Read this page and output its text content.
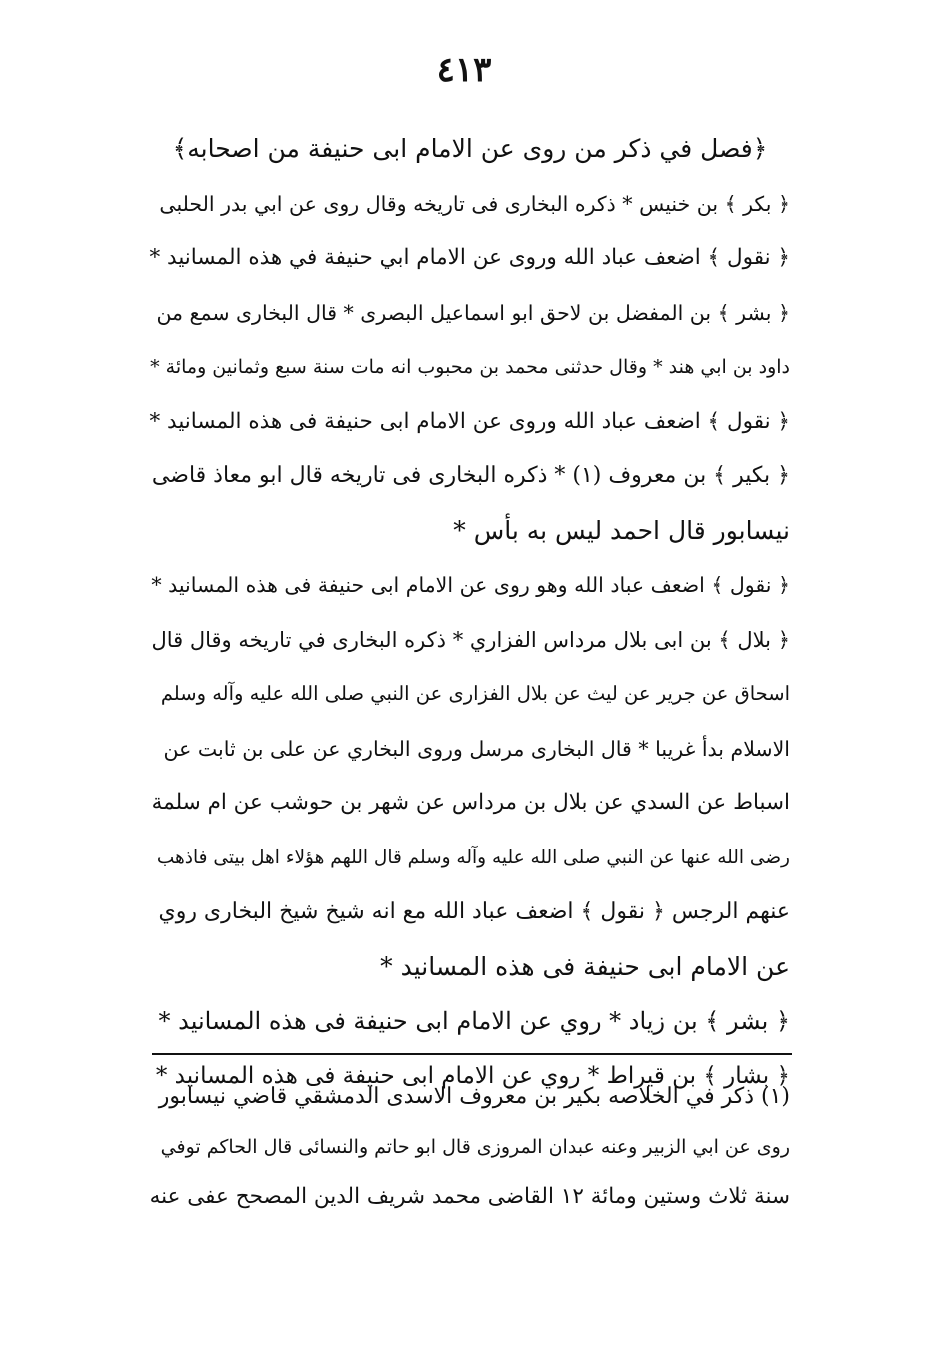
٤١٣
﴿فصل في ذكر من روى عن الامام ابى حنيفة من اصحابه﴾
﴿ بكر ﴾ بن خنيس * ذكره البخارى فى تاريخه وقال روى عن ابي بدر الحلبى
﴿ نقول ﴾ اضعف عباد الله وروى عن الامام ابي حنيفة في هذه المسانيد *
﴿ بشر ﴾ بن المفضل بن لاحق ابو اسماعيل البصرى * قال البخارى سمع من
داود بن ابي هند * وقال حدثنى محمد بن محبوب انه مات سنة سبع وثمانين ومائة *
﴿ نقول ﴾ اضعف عباد الله وروى عن الامام ابى حنيفة فى هذه المسانيد *
﴿ بكير ﴾ بن معروف (١) * ذكره البخارى فى تاريخه قال ابو معاذ قاضى
نيسابور قال احمد ليس به بأس *
﴿ نقول ﴾ اضعف عباد الله وهو روى عن الامام ابى حنيفة فى هذه المسانيد *
﴿ بلال ﴾ بن ابى بلال مرداس الفزاري * ذكره البخارى في تاريخه وقال قال
اسحاق عن جرير عن ليث عن بلال الفزارى عن النبي صلى الله عليه وآله وسلم
الاسلام بدأ غريبا * قال البخارى مرسل وروى البخاري عن على بن ثابت عن
اسباط عن السدي عن بلال بن مرداس عن شهر بن حوشب عن ام سلمة
رضى الله عنها عن النبي صلى الله عليه وآله وسلم قال اللهم هؤلاء اهل بيتى فاذهب
عنهم الرجس ﴿ نقول ﴾ اضعف عباد الله مع انه شيخ شيخ البخارى روي
عن الامام ابى حنيفة فى هذه المسانيد *
﴿ بشر ﴾ بن زياد * روي عن الامام ابى حنيفة فى هذه المسانيد *
﴿ بشار ﴾ بن قيراط * روي عن الامام ابى حنيفة فى هذه المسانيد *
(١) ذكر في الخلاصه بكير بن معروف الاسدى الدمشقي قاضي نيسابور
روى عن ابي الزبير وعنه عبدان المروزى قال ابو حاتم والنسائى قال الحاكم توفي
سنة ثلاث وستين ومائة ١٢ القاضى محمد شريف الدين المصحح عفى عنه
